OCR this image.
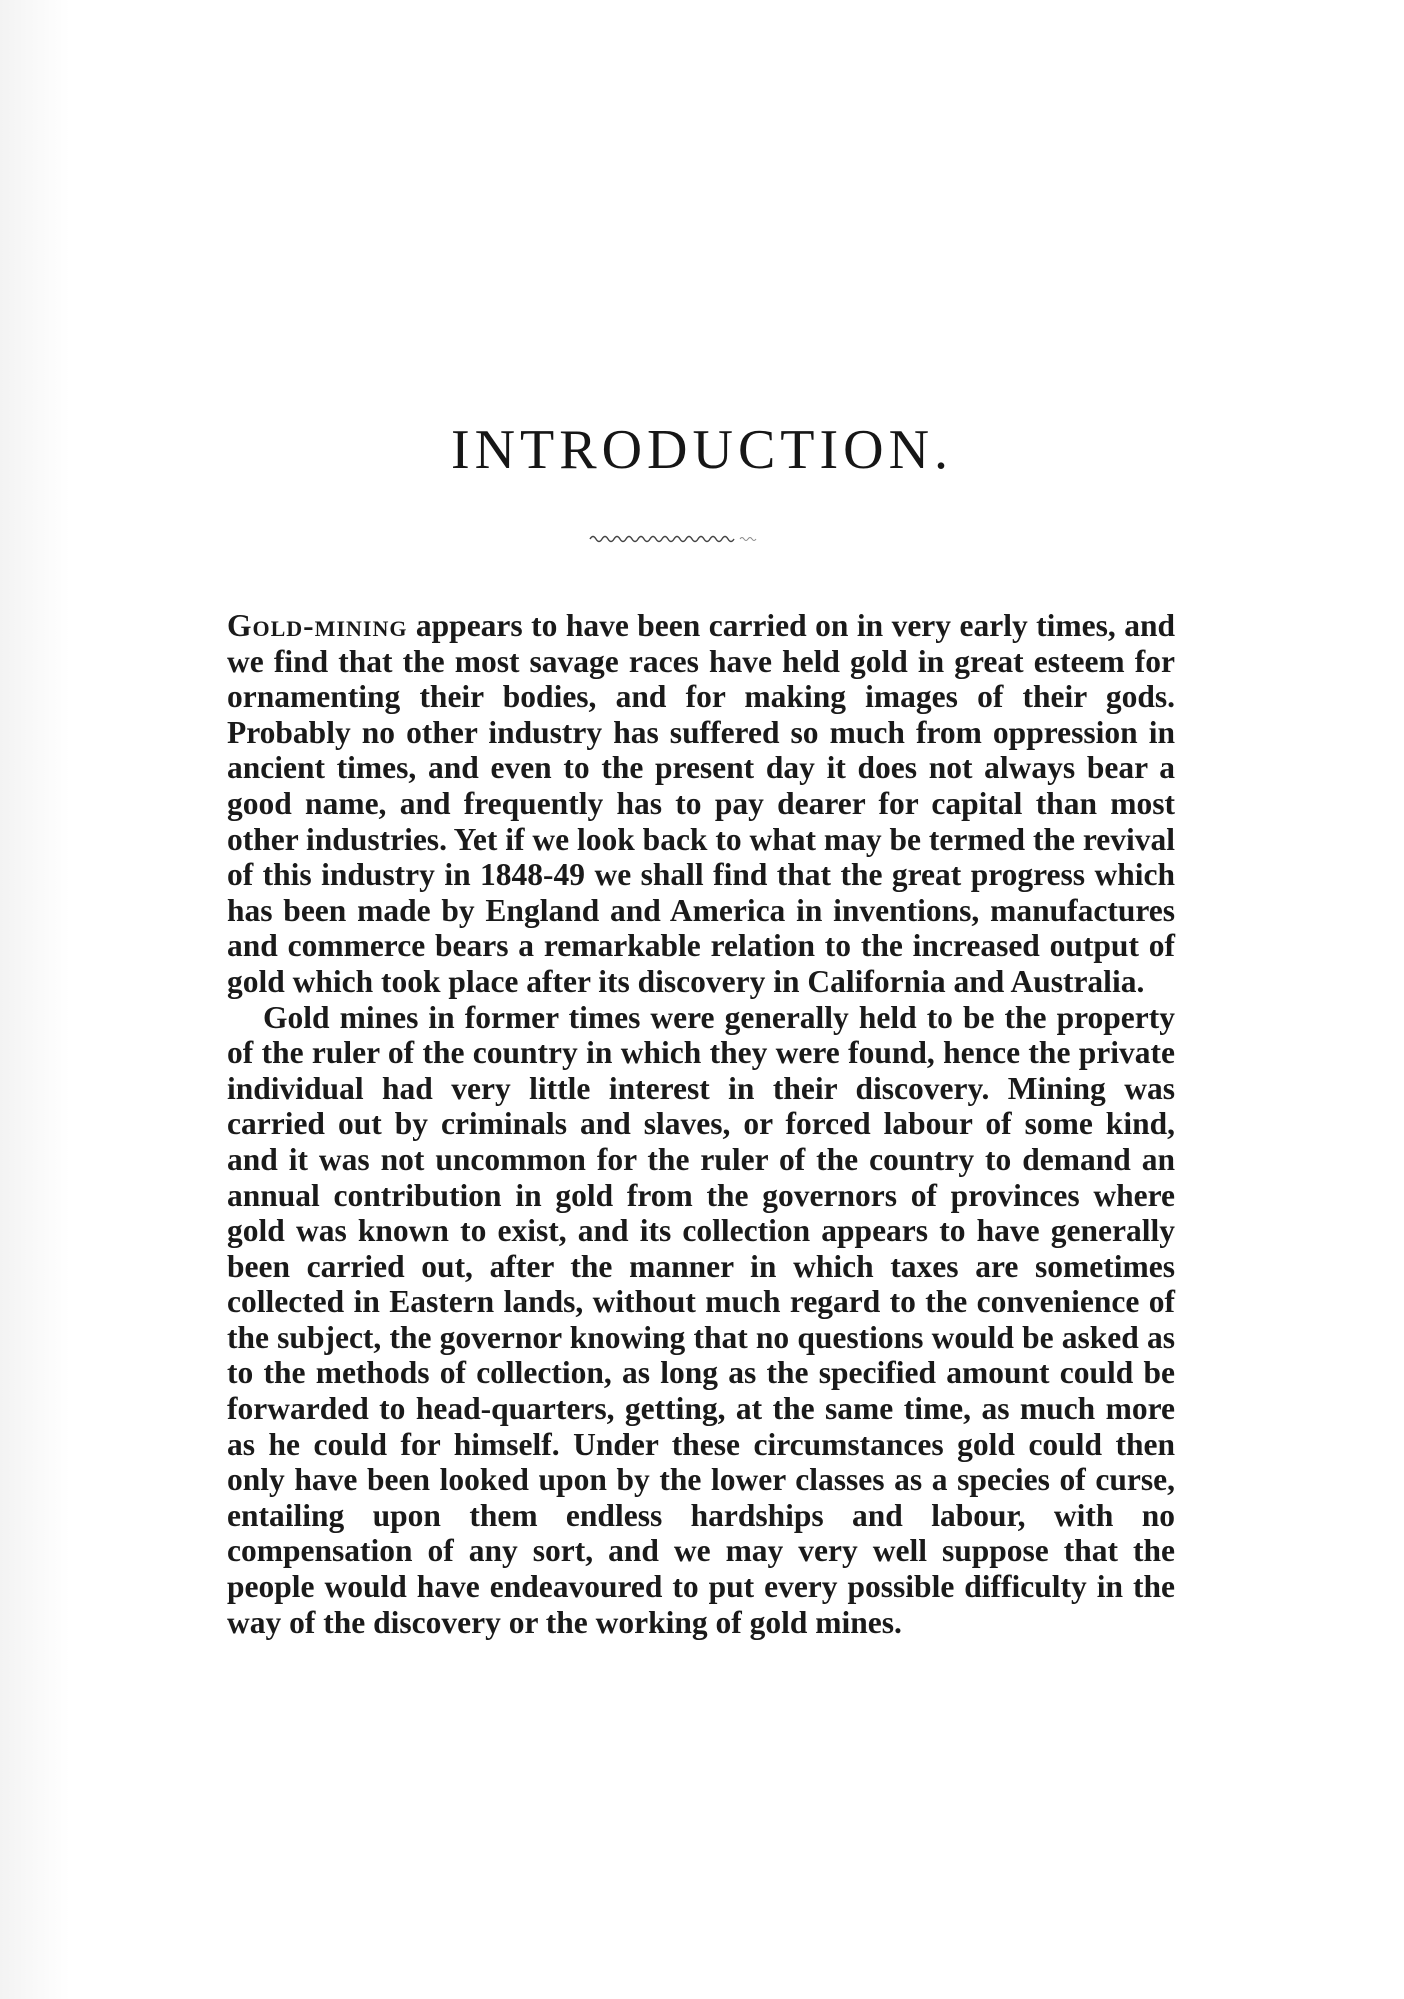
INTRODUCTION.

Gold-mining appears to have been carried on in very early times, and we find that the most savage races have held gold in great esteem for ornamenting their bodies, and for making images of their gods. Probably no other industry has suffered so much from oppression in ancient times, and even to the present day it does not always bear a good name, and frequently has to pay dearer for capital than most other industries. Yet if we look back to what may be termed the revival of this industry in 1848-49 we shall find that the great progress which has been made by England and America in inventions, manufactures and commerce bears a remarkable relation to the increased output of gold which took place after its discovery in California and Australia.

Gold mines in former times were generally held to be the property of the ruler of the country in which they were found, hence the private individual had very little interest in their discovery. Mining was carried out by criminals and slaves, or forced labour of some kind, and it was not uncommon for the ruler of the country to demand an annual contribution in gold from the governors of provinces where gold was known to exist, and its collection appears to have generally been carried out, after the manner in which taxes are sometimes collected in Eastern lands, without much regard to the convenience of the subject, the governor knowing that no questions would be asked as to the methods of collection, as long as the specified amount could be forwarded to head-quarters, getting, at the same time, as much more as he could for himself. Under these circumstances gold could then only have been looked upon by the lower classes as a species of curse, entailing upon them endless hardships and labour, with no compensation of any sort, and we may very well suppose that the people would have endeavoured to put every possible difficulty in the way of the discovery or the working of gold mines.
